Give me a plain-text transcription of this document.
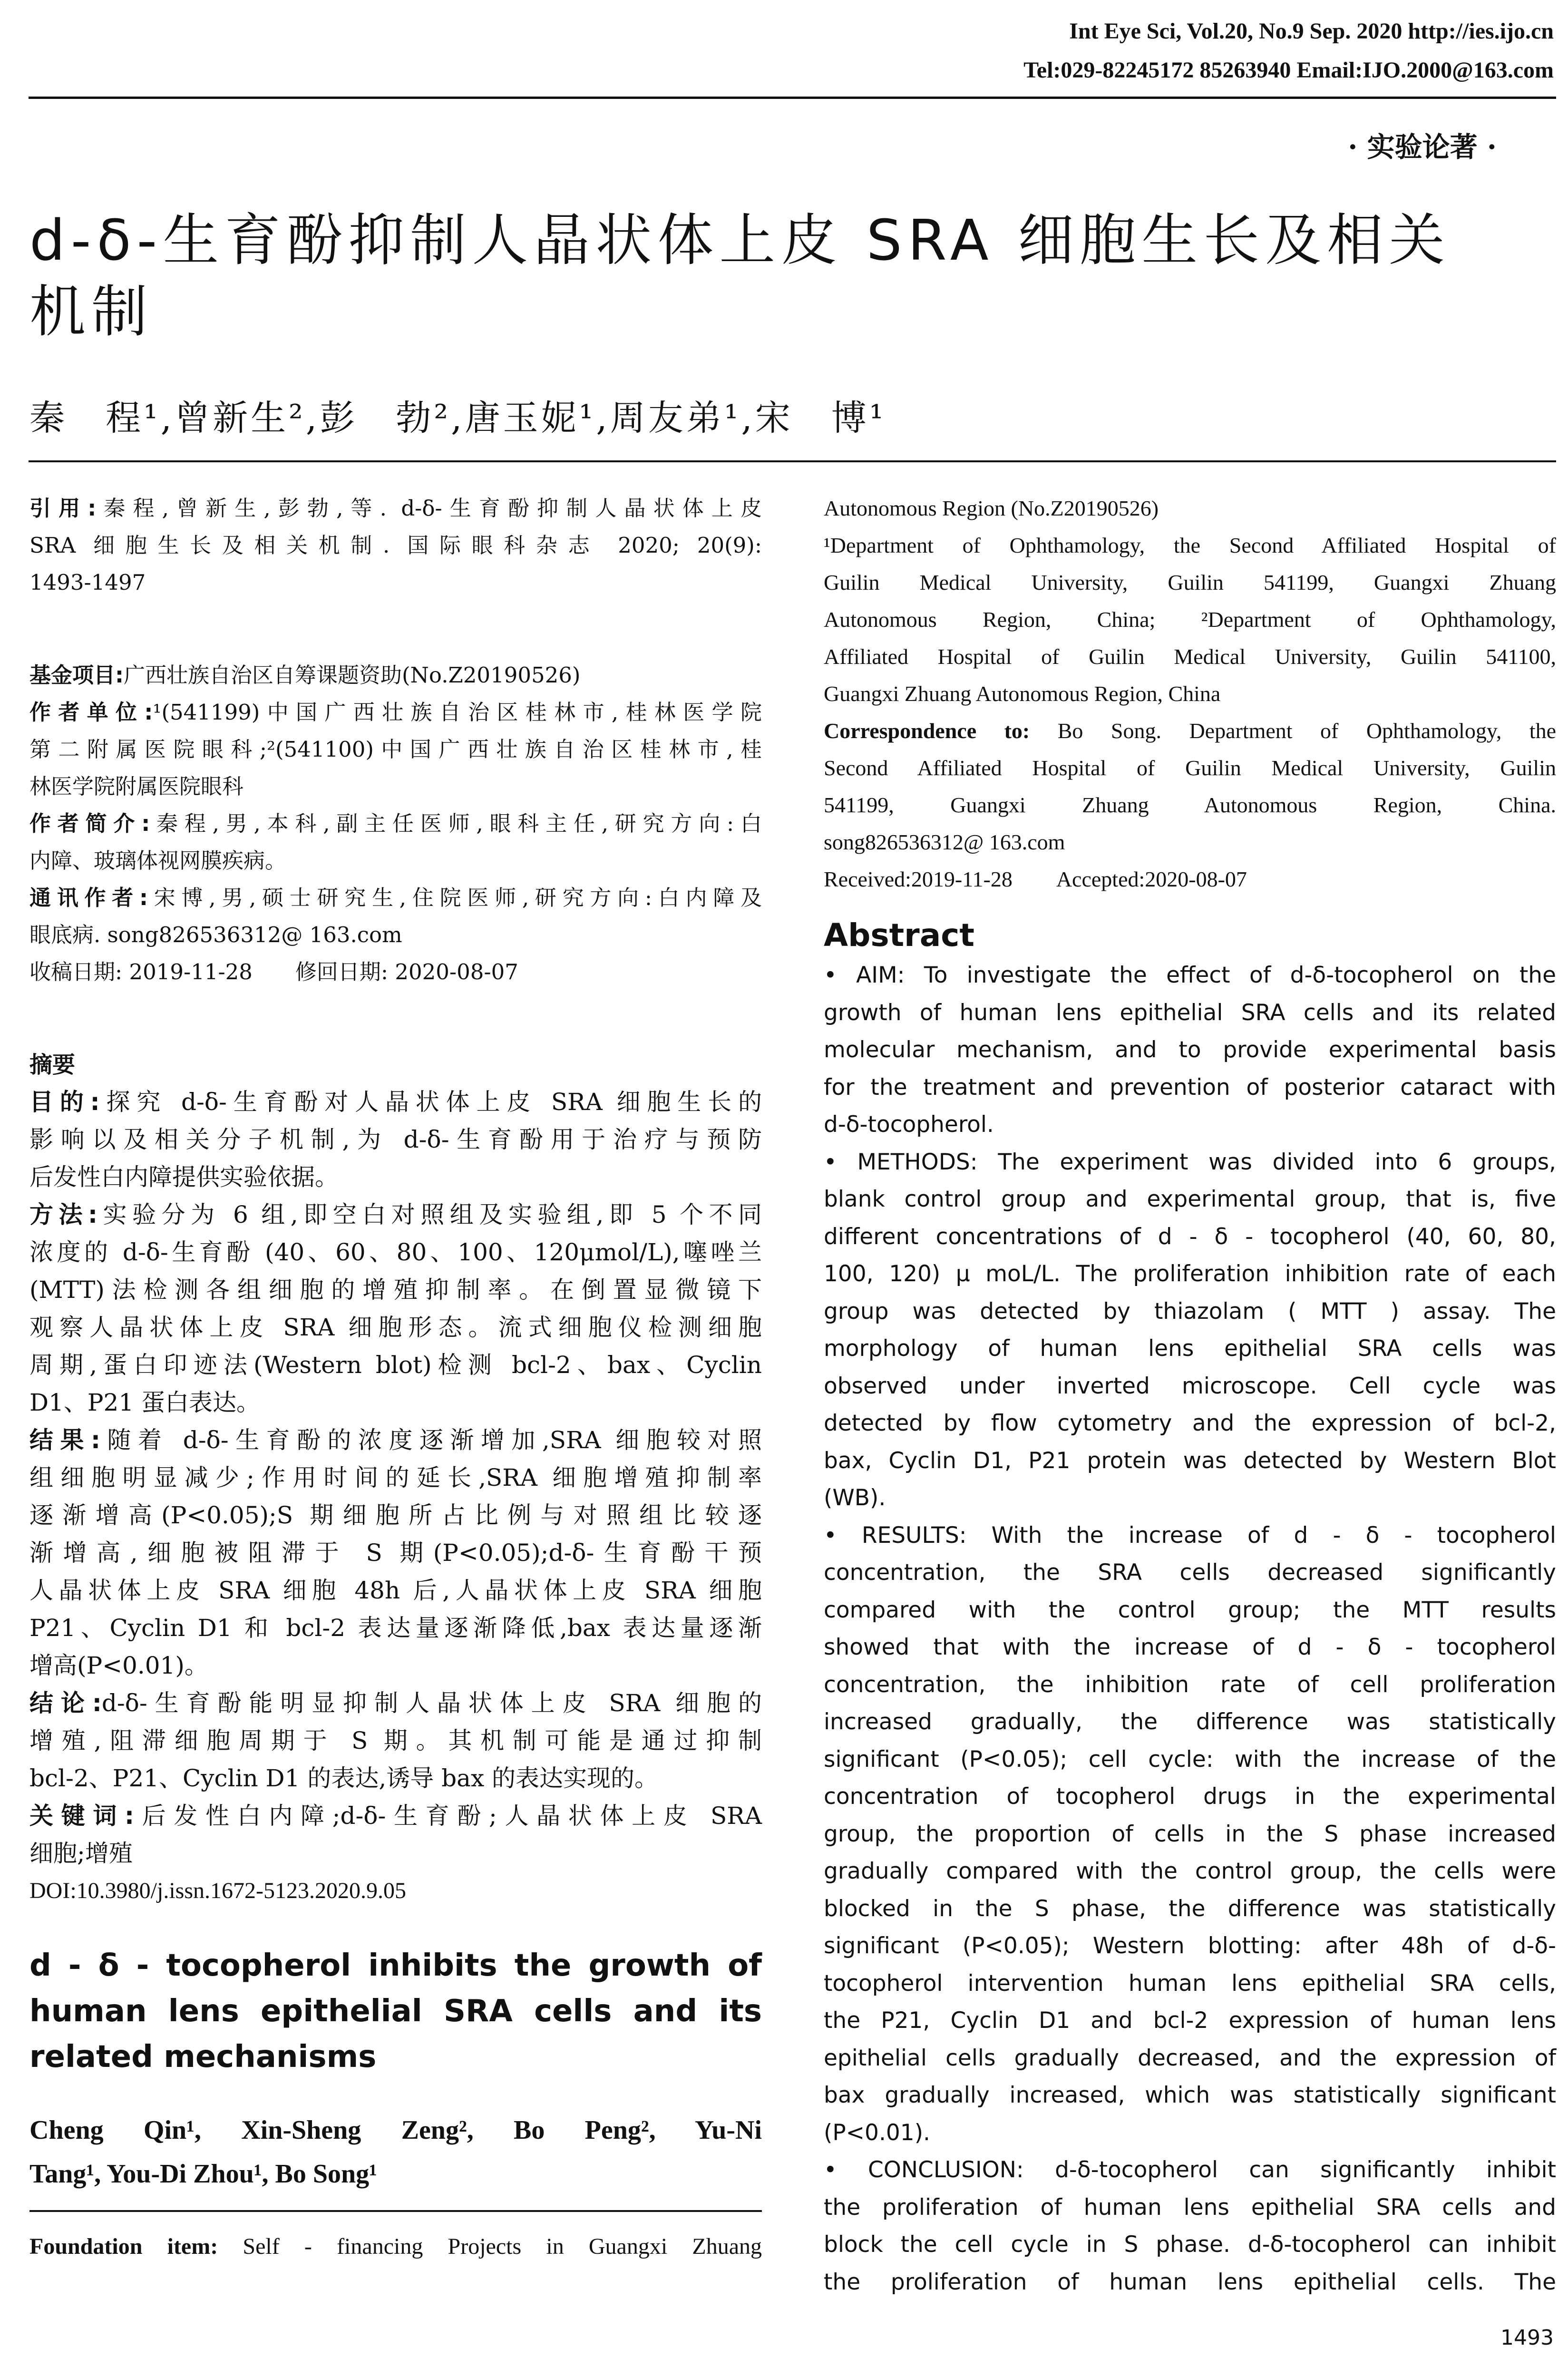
Int Eye Sci, Vol.20, No.9 Sep. 2020 http://ies.ijo.cn
Tel:029-82245172 85263940 Email:IJO.2000@163.com
· 实验论著 ·
d-δ-生育酚抑制人晶状体上皮 SRA 细胞生长及相关
机制
秦　程¹,曾新生²,彭　勃²,唐玉妮¹,周友弟¹,宋　博¹

引用:秦程,曾新生,彭勃,等. d-δ-生育酚抑制人晶状体上皮

SRA 细胞生长及相关机制. 国际眼科杂志 2020; 20(9):

1493-1497

基金项目:广西壮族自治区自筹课题资助(No.Z20190526)

作者单位:¹(541199)中国广西壮族自治区桂林市,桂林医学院

第二附属医院眼科;²(541100)中国广西壮族自治区桂林市,桂

林医学院附属医院眼科

作者简介:秦程,男,本科,副主任医师,眼科主任,研究方向:白

内障、玻璃体视网膜疾病。

通讯作者:宋博,男,硕士研究生,住院医师,研究方向:白内障及

眼底病. song826536312@ 163.com

收稿日期: 2019-11-28　　修回日期: 2020-08-07

摘要

目的:探究 d-δ-生育酚对人晶状体上皮 SRA 细胞生长的

影响以及相关分子机制,为 d-δ-生育酚用于治疗与预防

后发性白内障提供实验依据。

方法:实验分为 6 组,即空白对照组及实验组,即 5 个不同

浓度的 d-δ-生育酚 (40、60、80、100、120μmol/L),噻唑兰

(MTT)法检测各组细胞的增殖抑制率。在倒置显微镜下

观察人晶状体上皮 SRA 细胞形态。流式细胞仪检测细胞

周期,蛋白印迹法(Western blot)检测 bcl-2、bax、Cyclin

D1、P21 蛋白表达。

结果:随着 d-δ-生育酚的浓度逐渐增加,SRA 细胞较对照

组细胞明显减少;作用时间的延长,SRA 细胞增殖抑制率

逐渐增高(P<0.05);S 期细胞所占比例与对照组比较逐

渐增高,细胞被阻滞于 S 期(P<0.05);d-δ-生育酚干预

人晶状体上皮 SRA 细胞 48h 后,人晶状体上皮 SRA 细胞

P21、Cyclin D1 和 bcl-2 表达量逐渐降低,bax 表达量逐渐

增高(P<0.01)。

结论:d-δ-生育酚能明显抑制人晶状体上皮 SRA 细胞的

增殖,阻滞细胞周期于 S 期。其机制可能是通过抑制

bcl-2、P21、Cyclin D1 的表达,诱导 bax 的表达实现的。

关键词:后发性白内障;d-δ-生育酚;人晶状体上皮 SRA

细胞;增殖

DOI:10.3980/j.issn.1672-5123.2020.9.05

d - δ - tocopherol inhibits the growth of

human lens epithelial SRA cells and its

related mechanisms

Cheng Qin¹, Xin-Sheng Zeng², Bo Peng², Yu-Ni

Tang¹, You-Di Zhou¹, Bo Song¹

Foundation item: Self - financing Projects in Guangxi Zhuang

Autonomous Region (No.Z20190526)

¹Department of Ophthamology, the Second Affiliated Hospital of

Guilin Medical University, Guilin 541199, Guangxi Zhuang

Autonomous Region, China; ²Department of Ophthamology,

Affiliated Hospital of Guilin Medical University, Guilin 541100,

Guangxi Zhuang Autonomous Region, China

Correspondence to: Bo Song. Department of Ophthamology, the

Second Affiliated Hospital of Guilin Medical University, Guilin

541199, Guangxi Zhuang Autonomous Region, China.

song826536312@ 163.com

Received:2019-11-28　　Accepted:2020-08-07

Abstract

• AIM: To investigate the effect of d-δ-tocopherol on the

growth of human lens epithelial SRA cells and its related

molecular mechanism, and to provide experimental basis

for the treatment and prevention of posterior cataract with

d-δ-tocopherol.

• METHODS: The experiment was divided into 6 groups,

blank control group and experimental group, that is, five

different concentrations of d - δ - tocopherol (40, 60, 80,

100, 120) μ moL/L. The proliferation inhibition rate of each

group was detected by thiazolam ( MTT ) assay. The

morphology of human lens epithelial SRA cells was

observed under inverted microscope. Cell cycle was

detected by flow cytometry and the expression of bcl-2,

bax, Cyclin D1, P21 protein was detected by Western Blot

(WB).

• RESULTS: With the increase of d - δ - tocopherol

concentration, the SRA cells decreased significantly

compared with the control group; the MTT results

showed that with the increase of d - δ - tocopherol

concentration, the inhibition rate of cell proliferation

increased gradually, the difference was statistically

significant (P<0.05); cell cycle: with the increase of the

concentration of tocopherol drugs in the experimental

group, the proportion of cells in the S phase increased

gradually compared with the control group, the cells were

blocked in the S phase, the difference was statistically

significant (P<0.05); Western blotting: after 48h of d-δ-

tocopherol intervention human lens epithelial SRA cells,

the P21, Cyclin D1 and bcl-2 expression of human lens

epithelial cells gradually decreased, and the expression of

bax gradually increased, which was statistically significant

(P<0.01).

• CONCLUSION: d-δ-tocopherol can significantly inhibit

the proliferation of human lens epithelial SRA cells and

block the cell cycle in S phase. d-δ-tocopherol can inhibit

the proliferation of human lens epithelial cells. The

1493
